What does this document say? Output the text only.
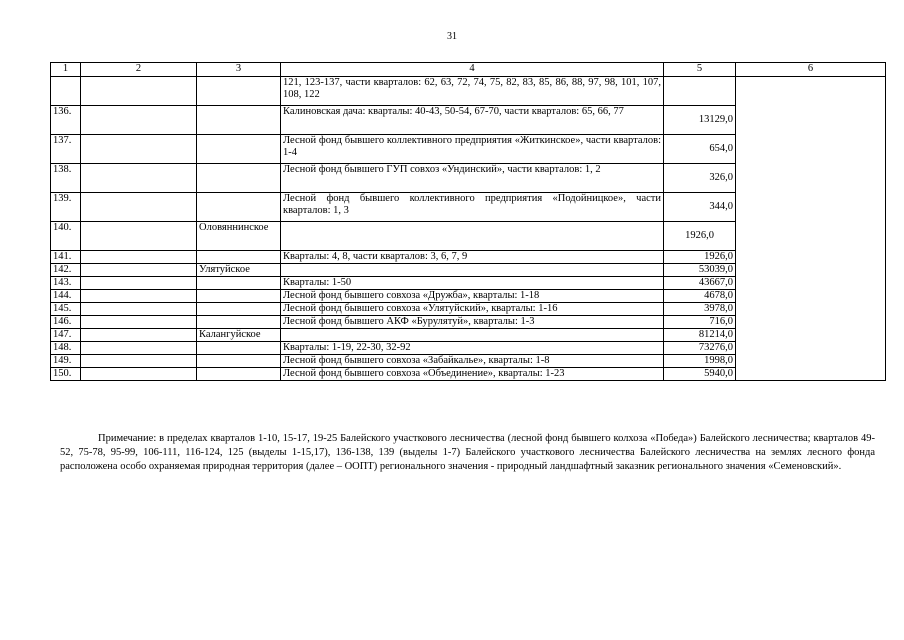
31
1	2	3	4	5	6
			121, 123-137, части кварталов: 62, 63, 72, 74, 75, 82, 83, 85, 86, 88, 97, 98, 101, 107, 108, 122		
136.			Калиновская дача: кварталы: 40-43, 50-54, 67-70, части кварталов: 65, 66, 77	13129,0	
137.			Лесной фонд бывшего коллективного предприятия «Житкинское», части кварталов: 1-4	654,0	
138.			Лесной фонд бывшего ГУП совхоз «Ундинский», части кварталов: 1, 2	326,0	
139.			Лесной фонд бывшего коллективного предприятия «Подойницкое», части кварталов: 1, 3	344,0	
140.		Оловяннинское		1926,0	
141.			Кварталы: 4, 8, части кварталов: 3, 6, 7, 9	1926,0	
142.		Улятуйское		53039,0	
143.			Кварталы: 1-50	43667,0	
144.			Лесной фонд бывшего совхоза «Дружба», кварталы: 1-18	4678,0	
145.			Лесной фонд бывшего совхоза «Улятуйский», кварталы: 1-16	3978,0	
146.			Лесной фонд бывшего АКФ «Бурулятуй», кварталы: 1-3	716,0	
147.		Калангуйское		81214,0	
148.			Кварталы: 1-19, 22-30, 32-92	73276,0	
149.			Лесной фонд бывшего совхоза «Забайкалье», кварталы: 1-8	1998,0	
150.			Лесной фонд бывшего совхоза «Объединение», кварталы: 1-23	5940,0	
Примечание: в пределах кварталов 1-10, 15-17, 19-25 Балейского участкового лесничества (лесной фонд бывшего колхоза «Победа») Балейского лесничества; кварталов 49-52, 75-78, 95-99, 106-111, 116-124, 125 (выделы 1-15,17), 136-138, 139 (выделы 1-7) Балейского участкового лесничества Балейского лесничества на землях лесного фонда расположена особо охраняемая природная территория (далее – ООПТ) регионального значения - природный ландшафтный заказник регионального значения «Семеновский».
